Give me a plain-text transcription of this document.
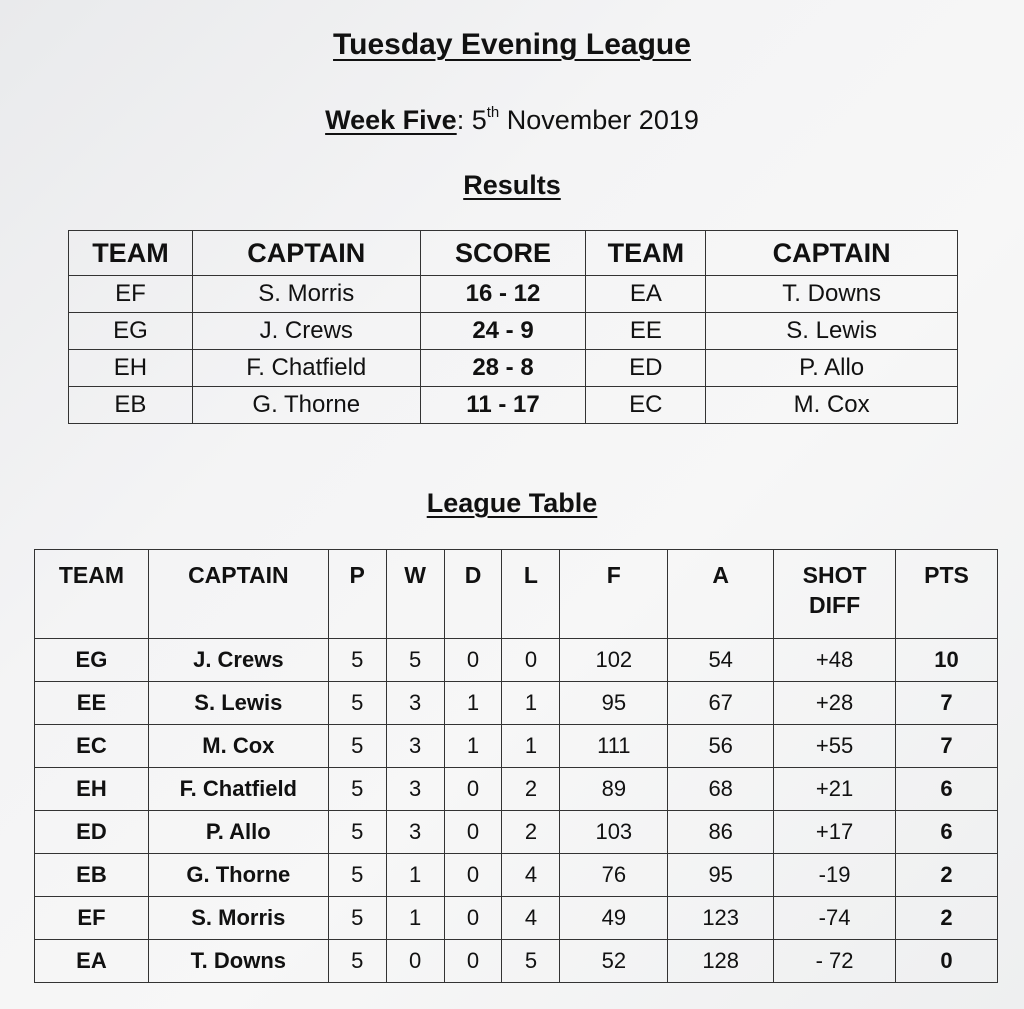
Tuesday Evening League
Week Five: 5th November 2019
Results
TEAM	CAPTAIN	SCORE	TEAM	CAPTAIN
EF	S. Morris	16 - 12	EA	T. Downs
EG	J. Crews	24 - 9	EE	S. Lewis
EH	F. Chatfield	28 - 8	ED	P. Allo
EB	G. Thorne	11 - 17	EC	M. Cox
League Table
TEAM	CAPTAIN	P	W	D	L	F	A	SHOT DIFF	PTS
EG	J. Crews	5	5	0	0	102	54	+48	10
EE	S. Lewis	5	3	1	1	95	67	+28	7
EC	M. Cox	5	3	1	1	111	56	+55	7
EH	F. Chatfield	5	3	0	2	89	68	+21	6
ED	P. Allo	5	3	0	2	103	86	+17	6
EB	G. Thorne	5	1	0	4	76	95	-19	2
EF	S. Morris	5	1	0	4	49	123	-74	2
EA	T. Downs	5	0	0	5	52	128	- 72	0
